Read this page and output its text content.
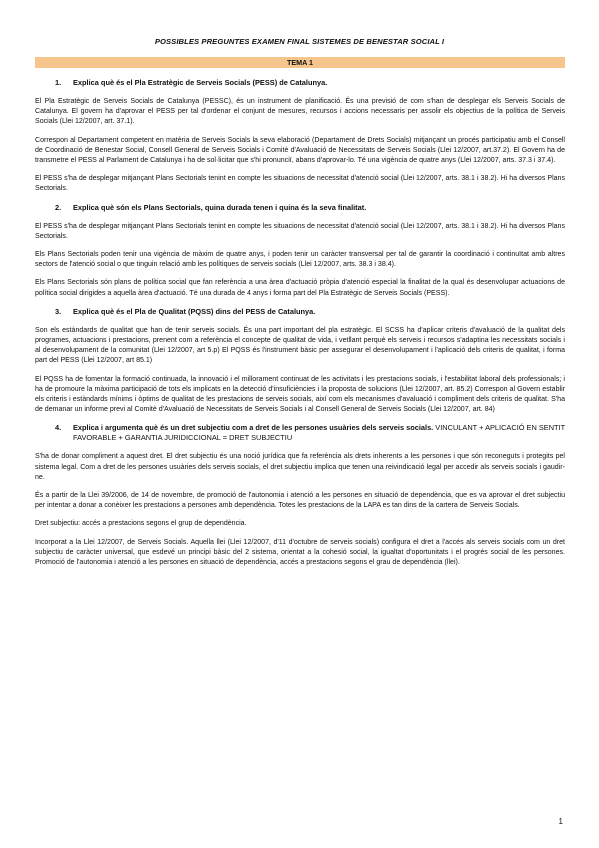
POSSIBLES PREGUNTES EXAMEN FINAL SISTEMES DE BENESTAR SOCIAL I
TEMA 1
1.	Explica què és el Pla Estratègic de Serveis Socials (PESS) de Catalunya.

El Pla Estratègic de Serveis Socials de Catalunya (PESSC), és un instrument de planificació. És una previsió de com s'han de desplegar els Serveis Socials de Catalunya. El govern ha d'aprovar el PESS per tal d'ordenar el conjunt de mesures, recursos i accions necessaris per assolir els objectius de la política de Serveis Socials (Llei 12/2007, art. 37.1).

Correspon al Departament competent en matèria de Serveis Socials la seva elaboració (Departament de Drets Socials) mitjançant un procés participatiu amb el Consell de Coordinació de Benestar Social, Consell General de Serveis Socials i Comitè d'Avaluació de Necessitats de Serveis Socials (Llei 12/2007, art.37.2). El Govern ha de transmetre el PESS al Parlament de Catalunya i ha de sol·licitar que s'hi pronunciï, abans d'aprovar-lo. Té una vigència de quatre anys (Llei 12/2007, arts. 37.3 i 37.4).

El PESS s'ha de desplegar mitjançant Plans Sectorials tenint en compte les situacions de necessitat d'atenció social (Llei 12/2007, arts. 38.1 i 38.2). Hi ha diversos Plans Sectorials.

2.	Explica què són els Plans Sectorials, quina durada tenen i quina és la seva finalitat.

El PESS s'ha de desplegar mitjançant Plans Sectorials tenint en compte les situacions de necessitat d'atenció social (Llei 12/2007, arts. 38.1 i 38.2). Hi ha diversos Plans Sectorials.

Els Plans Sectorials poden tenir una vigència de màxim de quatre anys, i poden tenir un caràcter transversal per tal de garantir la coordinació i continuïtat amb altres sectors de l'atenció social o que tinguin relació amb les polítiques de serveis socials (Llei 12/2007, arts. 38.3 i 38.4).

Els Plans Sectorials són plans de política social que fan referència a una àrea d'actuació pròpia d'atenció especial la finalitat de la qual és desenvolupar actuacions de política social dirigides a aquella àrea d'actuació. Té una durada de 4 anys i forma part del Pla Estratègic de Serveis Socials (PESS).

3.	Explica què és el Pla de Qualitat (PQSS) dins del PESS de Catalunya.

Son els estàndards de qualitat que han de tenir serveis socials. És una part important del pla estratègic. El SCSS ha d'aplicar criteris d'avaluació de la qualitat dels programes, actuacions i prestacions, prenent com a referència el concepte de qualitat de vida, i vetllant perquè els serveis i recursos s'adaptina les necessitats socials i al desenvolupament de la comunitat (Llei 12/2007, art 5.p) El PQSS és l'instrument bàsic per assegurar el desenvolupament i l'aplicació dels criteris de qualitat, i forma part del PESS (Llei 12/2007, art 85.1)

El PQSS ha de fomentar la formació continuada, la innovació i el millorament continuat de les activitats i les prestacions socials, i l'estabilitat laboral dels professionals; i ha de promoure la màxima participació de tots els implicats en la detecció d'insuficiències i la proposta de solucions (Llei 12/2007, art. 85.2) Correspon al Govern establir els criteris i estàndards mínims i òptims de qualitat de les prestacions de serveis socials, així com els mecanismes d'avaluació i compliment dels criteris de qualitat. S'ha de demanar un informe previ al Comitè d'Avaluació de Necessitats de Serveis Socials i al Consell General de Serveis Socials (Llei 12/2007, art. 84)

4.	Explica i argumenta què és un dret subjectiu com a dret de les persones usuàries dels serveis socials. VINCULANT + APLICACIÓ EN SENTIT FAVORABLE + GARANTIA JURIDICCIONAL = DRET SUBJECTIU

S'ha de donar compliment a aquest dret. El dret subjectiu és una noció jurídica que fa referència als drets inherents a les persones i que són reconeguts i protegits pel sistema legal. Com a dret de les persones usuàries dels serveis socials, el dret subjectiu implica que tenen una reivindicació legal per accedir als serveis socials i gaudir-ne.

És a partir de la Llei 39/2006, de 14 de novembre, de promoció de l'autonomia i atenció a les persones en situació de dependència, que es va aprovar el dret subjectiu per intentar a donar a conèixer les prestacions a persones amb dependència. Totes les prestacions de la LAPA es tan dins de la cartera de Serveis Socials.

Dret subjectiu: accés a prestacions segons el grup de dependència.

Incorporat a la Llei 12/2007, de Serveis Socials. Aquella llei (Llei 12/2007, d'11 d'octubre de serveis socials) configura el dret a l'accés als serveis socials com un dret subjectiu de caràcter universal, que esdevé un principi bàsic del 2 sistema, orientat a la cohesió social, la igualtat d'oportunitats i el progrés social de les persones. Promoció de l'autonomia i atenció a les persones en situació de dependència, accés a prestacions segons el grau de dependència (llei).

1
